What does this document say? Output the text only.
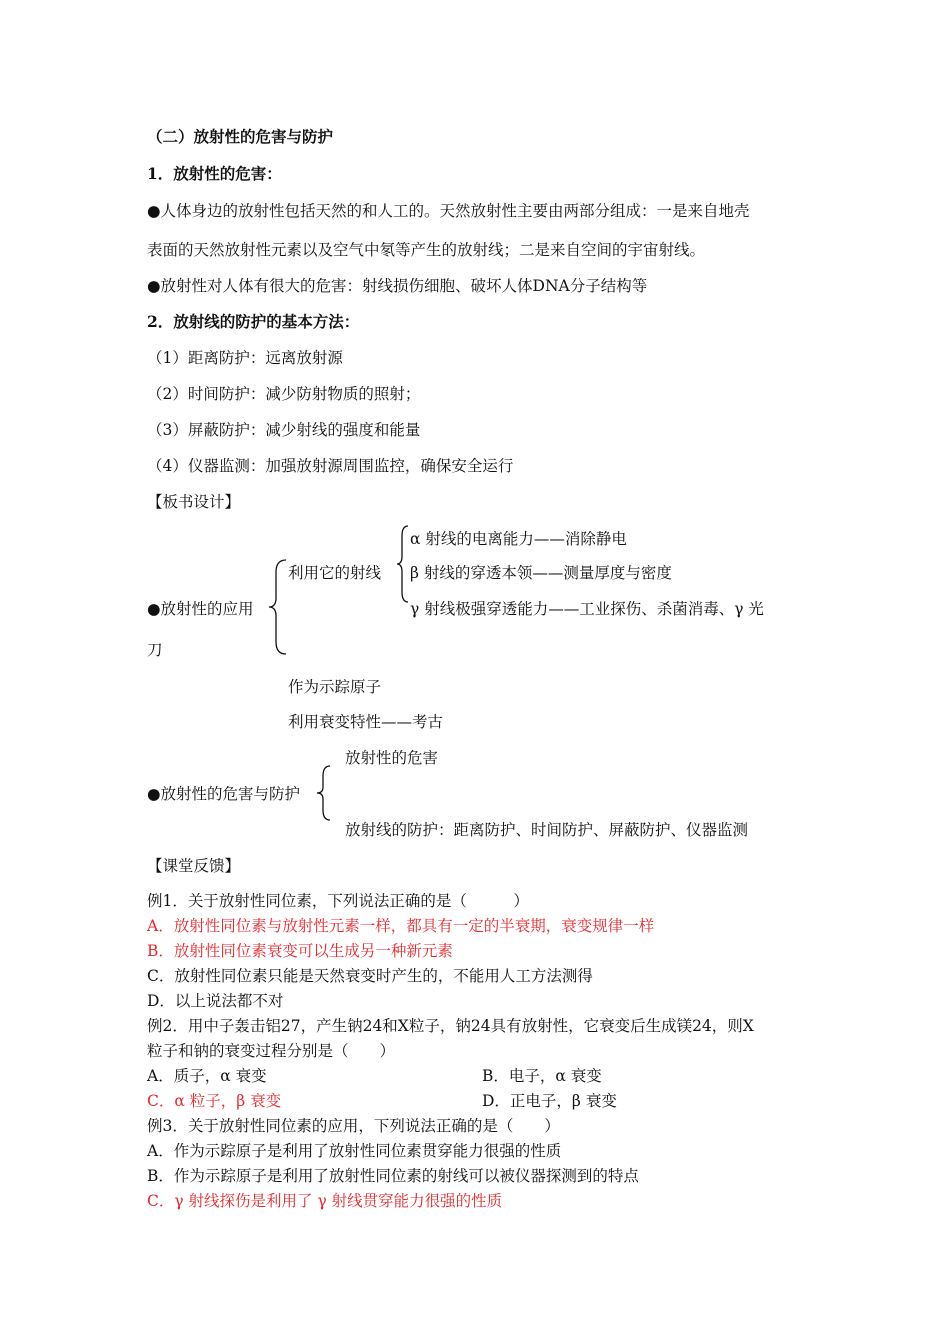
（二）放射性的危害与防护
1．放射性的危害：
●人体身边的放射性包括天然的和人工的。天然放射性主要由两部分组成：一是来自地壳
表面的天然放射性元素以及空气中氡等产生的放射线；二是来自空间的宇宙射线。
●放射性对人体有很大的危害：射线损伤细胞、破坏人体DNA分子结构等
2．放射线的防护的基本方法：
（1）距离防护：远离放射源
（2）时间防护：减少防射物质的照射；
（3）屏蔽防护：减少射线的强度和能量
（4）仪器监测：加强放射源周围监控，确保安全运行
【板书设计】
α 射线的电离能力——消除静电
利用它的射线 β 射线的穿透本领——测量厚度与密度
●放射性的应用	γ 射线极强穿透能力——工业探伤、杀菌消毒、γ 光
刀
作为示踪原子
利用衰变特性——考古
放射性的危害
●放射性的危害与防护
放射线的防护：距离防护、时间防护、屏蔽防护、仪器监测
【课堂反馈】
例1．关于放射性同位素，下列说法正确的是（　　　）
A．放射性同位素与放射性元素一样，都具有一定的半衰期，衰变规律一样
B．放射性同位素衰变可以生成另一种新元素
C．放射性同位素只能是天然衰变时产生的，不能用人工方法测得
D．以上说法都不对
例2．用中子轰击铝27，产生钠24和X粒子，钠24具有放射性，它衰变后生成镁24，则X
粒子和钠的衰变过程分别是（　　）
A．质子，α 衰变	B．电子，α 衰变
C．α 粒子，β 衰变	D．正电子，β 衰变
例3．关于放射性同位素的应用，下列说法正确的是（　　）
A．作为示踪原子是利用了放射性同位素贯穿能力很强的性质
B．作为示踪原子是利用了放射性同位素的射线可以被仪器探测到的特点
C．γ 射线探伤是利用了 γ 射线贯穿能力很强的性质
